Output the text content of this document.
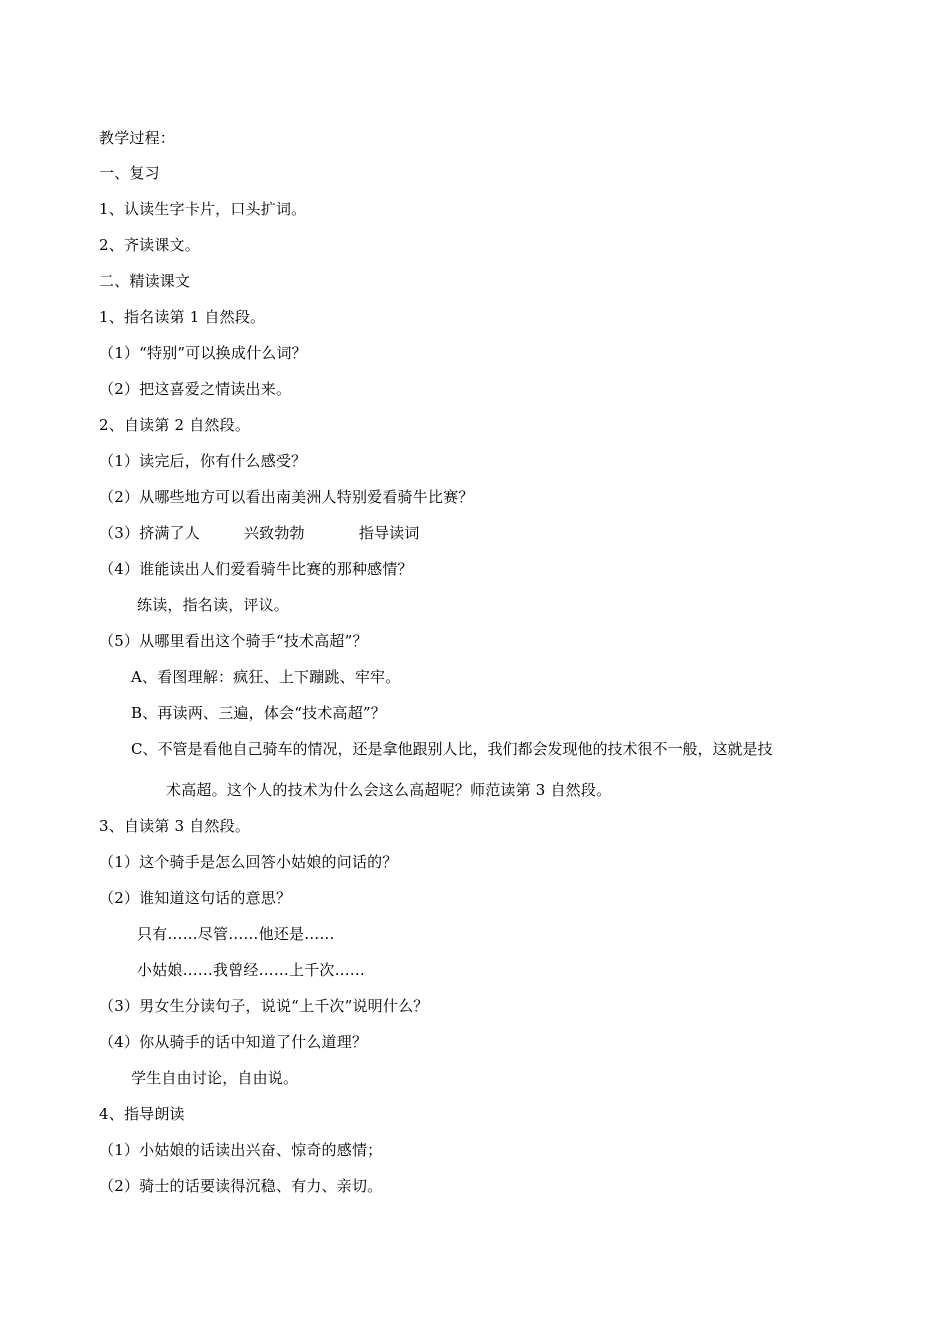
教学过程：
一、复习
1、认读生字卡片，口头扩词。
2、齐读课文。
二、精读课文
1、指名读第 1 自然段。
（1）“特别”可以换成什么词？
（2）把这喜爱之情读出来。
2、自读第 2 自然段。
（1）读完后，你有什么感受？
（2）从哪些地方可以看出南美洲人特别爱看骑牛比赛？
（3）挤满了人	兴致勃勃	指导读词
（4）谁能读出人们爱看骑牛比赛的那种感情？
练读，指名读，评议。
（5）从哪里看出这个骑手“技术高超”？
A、看图理解：疯狂、上下蹦跳、牢牢。
B、再读两、三遍，体会“技术高超”？
C、不管是看他自己骑车的情况，还是拿他跟别人比，我们都会发现他的技术很不一般，这就是技
术高超。这个人的技术为什么会这么高超呢？师范读第 3 自然段。
3、自读第 3 自然段。
（1）这个骑手是怎么回答小姑娘的问话的？
（2）谁知道这句话的意思？
只有……尽管……他还是……
小姑娘……我曾经……上千次……
（3）男女生分读句子，说说“上千次”说明什么？
（4）你从骑手的话中知道了什么道理？
学生自由讨论，自由说。
4、指导朗读
（1）小姑娘的话读出兴奋、惊奇的感情；
（2）骑士的话要读得沉稳、有力、亲切。
